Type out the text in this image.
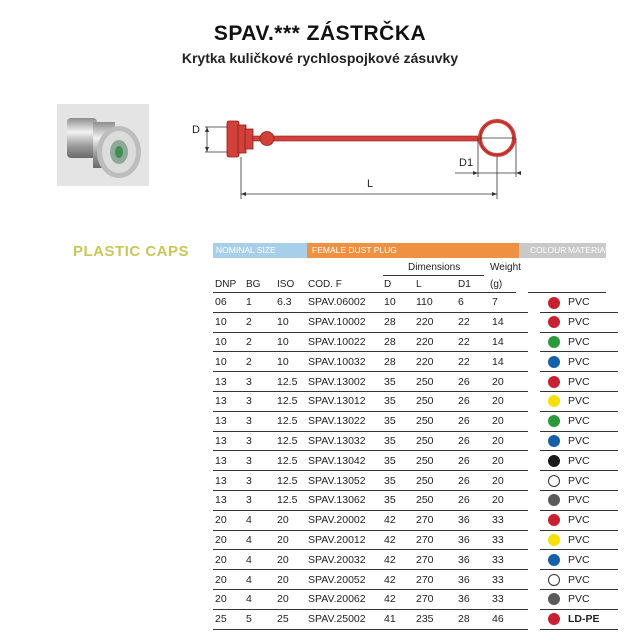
SPAV.*** ZÁSTRČKA
Krytka kuličkové rychlospojkové zásuvky
D
D1
L
PLASTIC CAPS	NOMINAL SIZE	FEMALE DUST PLUG	COLOUR MATERIAL
Dimensions	Weight
DNP BG ISO COD. F	D L	D1 (g)
06	1	6.3	SPAV.06002	10	110	6	7			PVC
10	2	10	SPAV.10002	28	220	22	14			PVC
10	2	10	SPAV.10022	28	220	22	14			PVC
10	2	10	SPAV.10032	28	220	22	14			PVC
13	3	12.5	SPAV.13002	35	250	26	20			PVC
13	3	12.5	SPAV.13012	35	250	26	20			PVC
13	3	12.5	SPAV.13022	35	250	26	20			PVC
13	3	12.5	SPAV.13032	35	250	26	20			PVC
13	3	12.5	SPAV.13042	35	250	26	20			PVC
13	3	12.5	SPAV.13052	35	250	26	20			PVC
13	3	12.5	SPAV.13062	35	250	26	20			PVC
20	4	20	SPAV.20002	42	270	36	33			PVC
20	4	20	SPAV.20012	42	270	36	33			PVC
20	4	20	SPAV.20032	42	270	36	33			PVC
20	4	20	SPAV.20052	42	270	36	33			PVC
20	4	20	SPAV.20062	42	270	36	33			PVC
25	5	25	SPAV.25002	41	235	28	46			LD-PE
